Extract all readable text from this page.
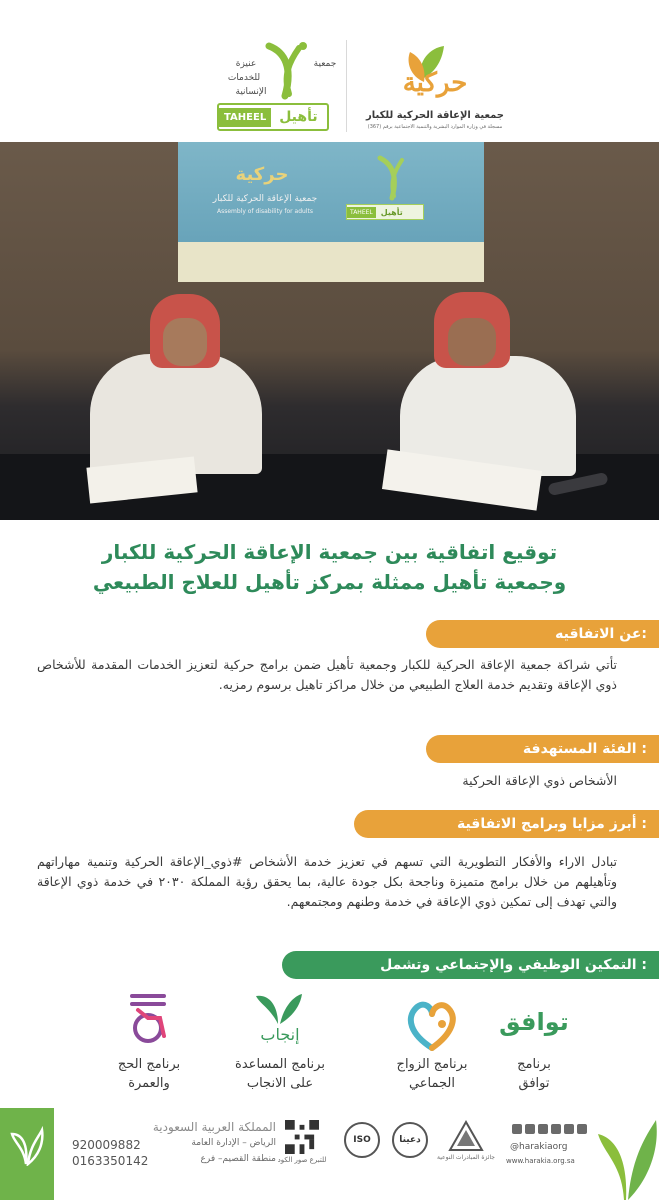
حركية
جمعية الإعاقة الحركية للكبار
مسجلة في وزارة الموارد البشرية والتنمية الاجتماعية برقم (367)
جمعية
عنيزة
للخدمات
الإنسانية
TAHEEL تأهيل
حركية
جمعية الإعاقة الحركية للكبار
Assembly of disability for adults	TAHEEL	تأهيل
توقيع اتفاقية بين جمعية الإعاقة الحركية للكبار
وجمعية تأهيل ممثلة بمركز تأهيل للعلاج الطبيعي
عن الاتفاقيه:
تأتي شراكة جمعية الإعاقة الحركية للكبار وجمعية تأهيل ضمن برامج حركية لتعزيز الخدمات المقدمة للأشخاص ذوي الإعاقة وتقديم خدمة العلاج الطبيعي من خلال مراكز تاهيل برسوم رمزيه.
الفئة المستهدفة :
الأشخاص ذوي الإعاقة الحركية
أبرز مزايا وبرامج الاتفاقية :
تبادل الاراء والأفكار التطويرية التي تسهم في تعزيز خدمة الأشخاص #ذوي_الإعاقة الحركية وتنمية مهاراتهم وتأهيلهم من خلال برامج متميزة وناجحة بكل جودة عالية، بما يحقق رؤية المملكة ٢٠٣٠ في خدمة ذوي الإعاقة والتي تهدف إلى تمكين ذوي الإعاقة في خدمة وطنهم ومجتمعهم.
التمكين الوظيفي والإجتماعي وتشمل :
توافق
برنامج
توافق
برنامج الزواج
الجماعي
إنجاب
برنامج المساعدة
على الانجاب
برنامج الحج
والعمرة
المملكة العربية السعودية
الرياض – الإدارة العامة
920009882
منطقة القصيم– فرع
0163350142	للتبرع صور الكود
ISO	دعينا
جائزة المبادرات النوعية
@harakiaorg
www.harakia.org.sa
